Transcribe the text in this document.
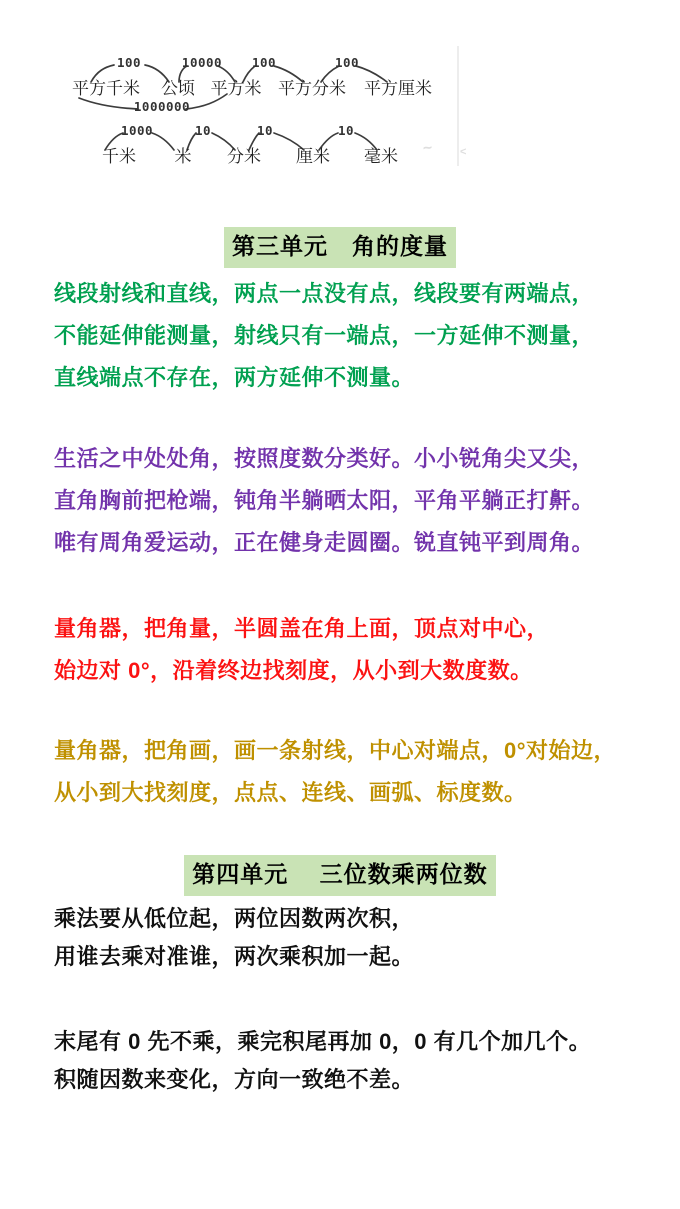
100	10000 100	100
平方千米 公顷 平方米 平方分米 平方厘米
1000000
1000	10	10	10
千米 米 分米 厘米 毫米 ~ <
第三单元　角的度量
线段射线和直线，两点一点没有点，线段要有两端点，
不能延伸能测量，射线只有一端点，一方延伸不测量，
直线端点不存在，两方延伸不测量。
生活之中处处角，按照度数分类好。小小锐角尖又尖，
直角胸前把枪端，钝角半躺晒太阳，平角平躺正打鼾。
唯有周角爱运动，正在健身走圆圈。锐直钝平到周角。
量角器，把角量，半圆盖在角上面，顶点对中心，
始边对 0°，沿着终边找刻度，从小到大数度数。
量角器，把角画，画一条射线，中心对端点，0°对始边，
从小到大找刻度，点点、连线、画弧、标度数。
第四单元　 三位数乘两位数
乘法要从低位起，两位因数两次积，
用谁去乘对准谁，两次乘积加一起。
末尾有 0 先不乘，乘完积尾再加 0，0 有几个加几个。
积随因数来变化，方向一致绝不差。
